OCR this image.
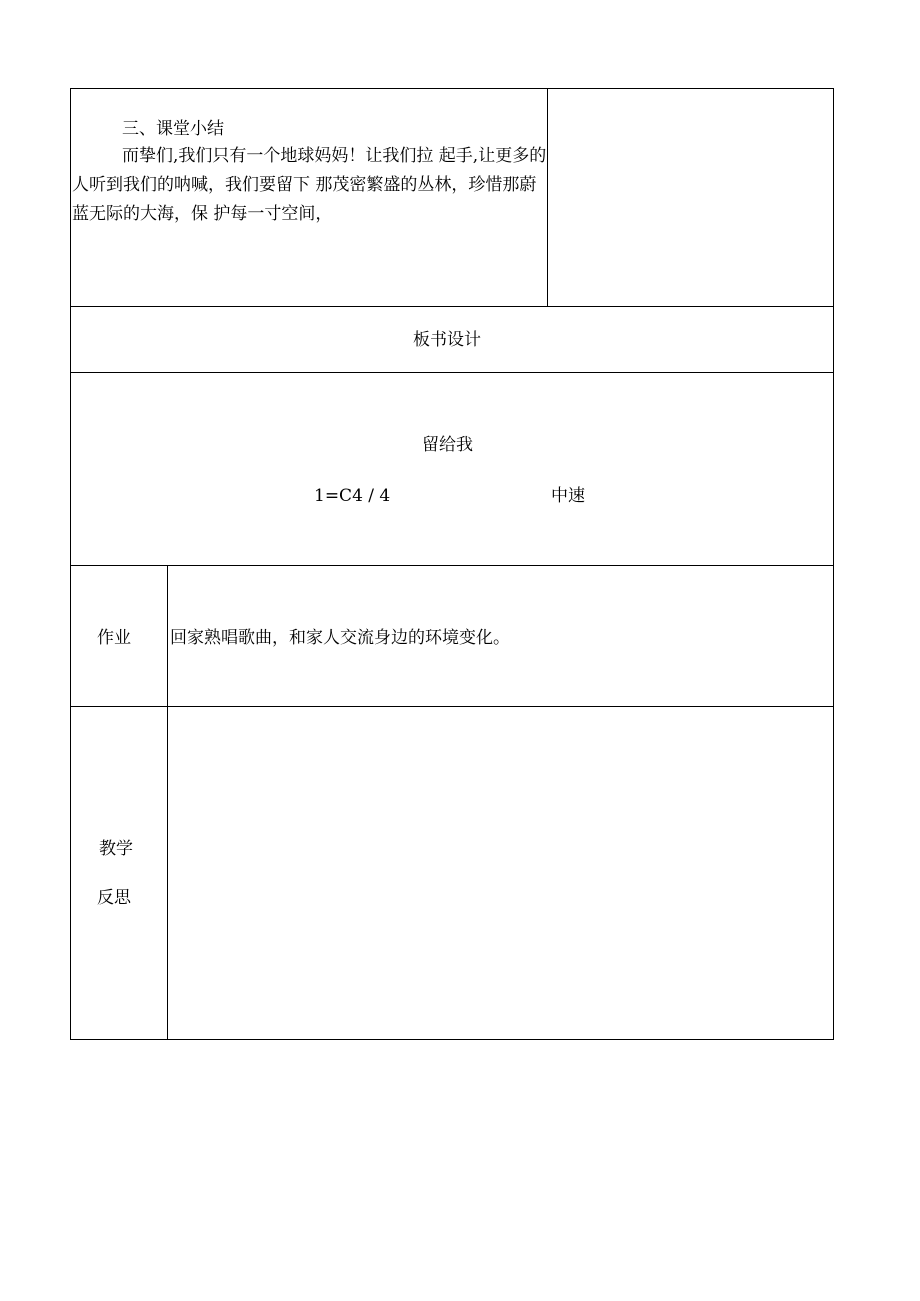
三、课堂小结
而挚们,我们只有一个地球妈妈！让我们拉 起手,让更多的人听到我们的呐喊，我们要留下 那茂密繁盛的丛林，珍惜那蔚蓝无际的大海，保 护每一寸空间，
板书设计
留给我
1=C4 / 4	中速
作业 回家熟唱歌曲，和家人交流身边的环境变化。
教学
反思
